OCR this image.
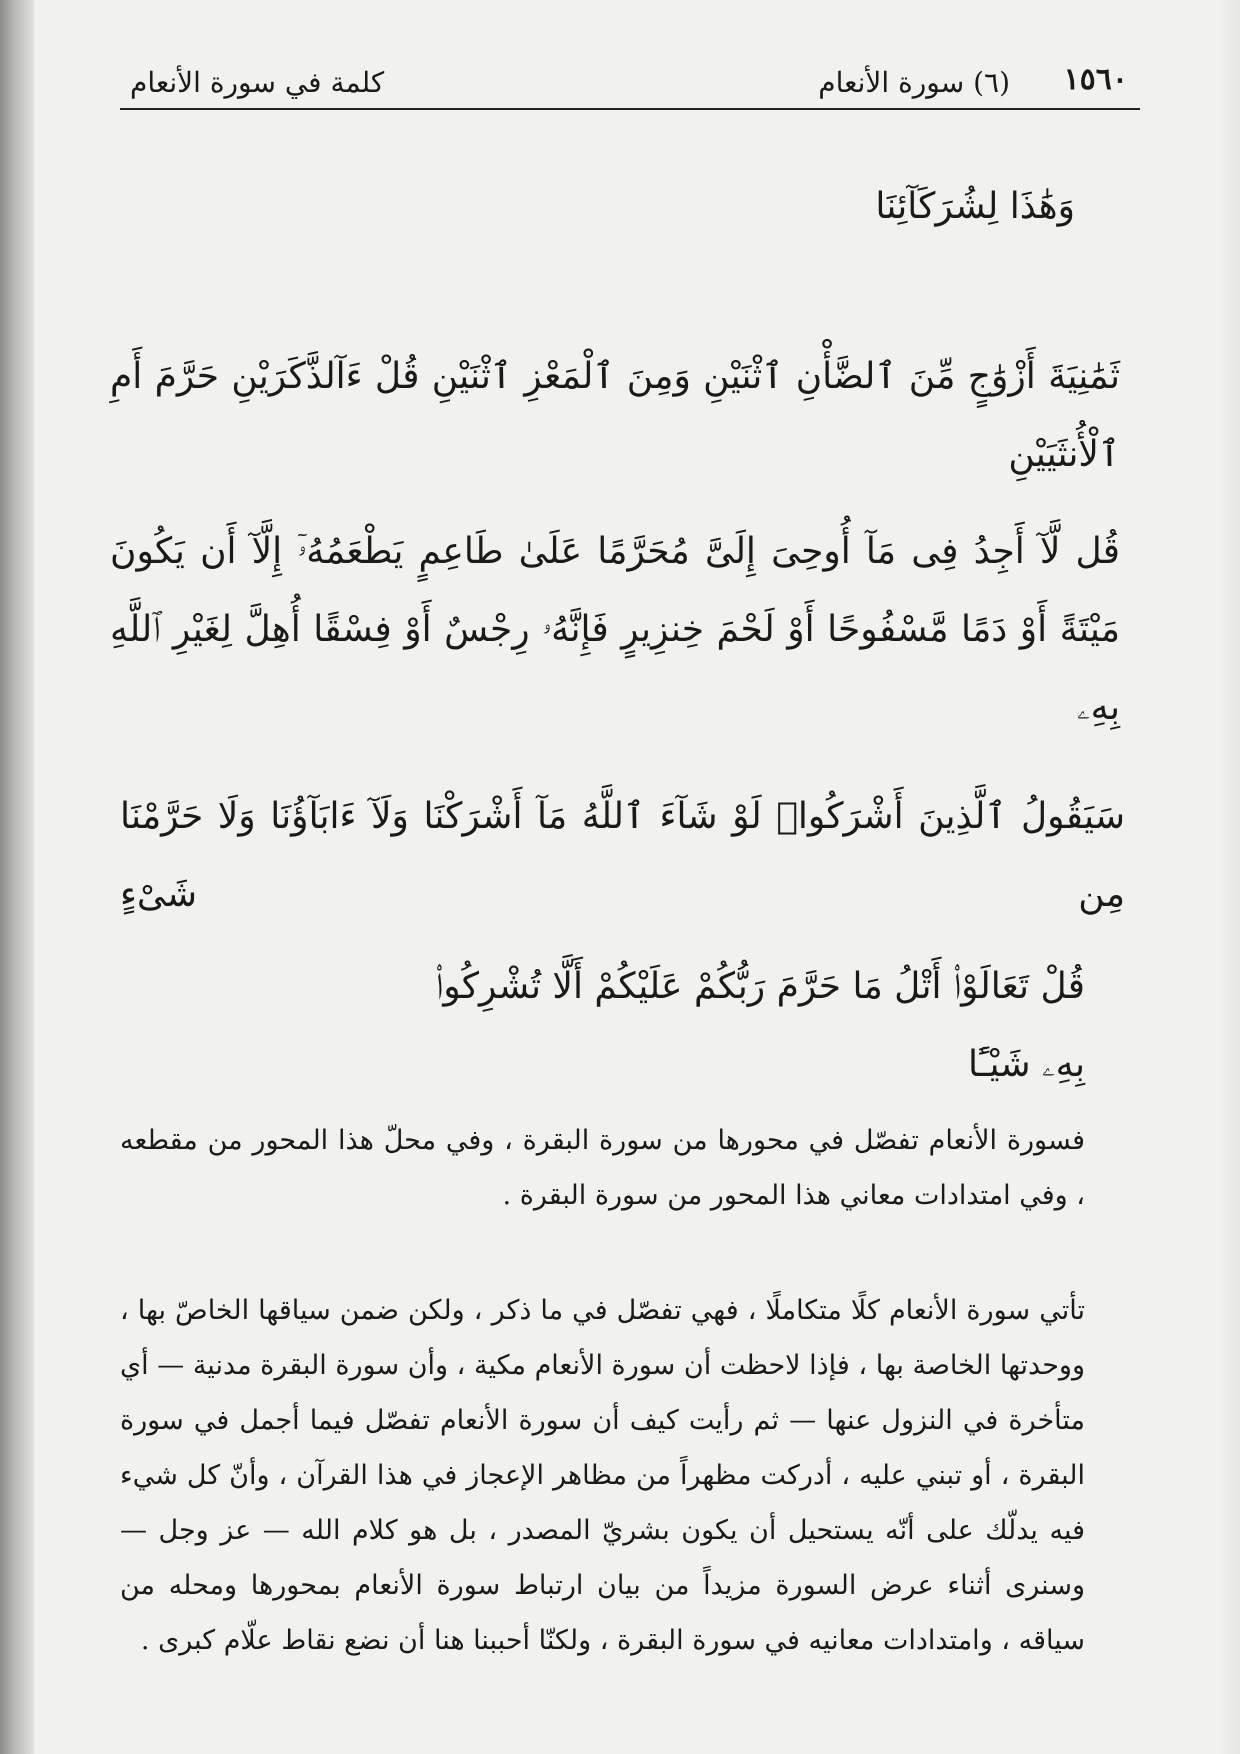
١٥٦٠
(٦) سورة الأنعام
كلمة في سورة الأنعام
وَهَٰذَا لِشُرَكَآئِنَا
ثَمَٰنِيَةَ أَزْوَٰجٍ مِّنَ ٱلضَّأْنِ ٱثْنَيْنِ وَمِنَ ٱلْمَعْزِ ٱثْنَيْنِ قُلْ ءَآلذَّكَرَيْنِ حَرَّمَ أَمِ ٱلْأُنثَيَيْنِ
قُل لَّآ أَجِدُ فِى مَآ أُوحِىَ إِلَىَّ مُحَرَّمًا عَلَىٰ طَاعِمٍ يَطْعَمُهُۥٓ إِلَّآ أَن يَكُونَ مَيْتَةً أَوْ دَمًا مَّسْفُوحًا أَوْ لَحْمَ خِنزِيرٍ فَإِنَّهُۥ رِجْسٌ أَوْ فِسْقًا أُهِلَّ لِغَيْرِ ٱللَّهِ بِهِۦ
سَيَقُولُ ٱلَّذِينَ أَشْرَكُوا۟ لَوْ شَآءَ ٱللَّهُ مَآ أَشْرَكْنَا وَلَآ ءَابَآؤُنَا وَلَا حَرَّمْنَا مِن شَىْءٍ
قُلْ تَعَالَوْا۟ أَتْلُ مَا حَرَّمَ رَبُّكُمْ عَلَيْكُمْ أَلَّا تُشْرِكُوا۟ بِهِۦ شَيْـًٔا
فسورة الأنعام تفصّل في محورها من سورة البقرة ، وفي محلّ هذا المحور من مقطعه ، وفي امتدادات معاني هذا المحور من سورة البقرة .
تأتي سورة الأنعام كلًا متكاملًا ، فهي تفصّل في ما ذكر ، ولكن ضمن سياقها الخاصّ بها ، ووحدتها الخاصة بها ، فإذا لاحظت أن سورة الأنعام مكية ، وأن سورة البقرة مدنية — أي متأخرة في النزول عنها — ثم رأيت كيف أن سورة الأنعام تفصّل فيما أجمل في سورة البقرة ، أو تبني عليه ، أدركت مظهراً من مظاهر الإعجاز في هذا القرآن ، وأنّ كل شيء فيه يدلّك على أنّه يستحيل أن يكون بشريّ المصدر ، بل هو كلام الله — عز وجل — وسنرى أثناء عرض السورة مزيداً من بيان ارتباط سورة الأنعام بمحورها ومحله من سياقه ، وامتدادات معانيه في سورة البقرة ، ولكنّا أحببنا هنا أن نضع نقاط علّام كبرى .
